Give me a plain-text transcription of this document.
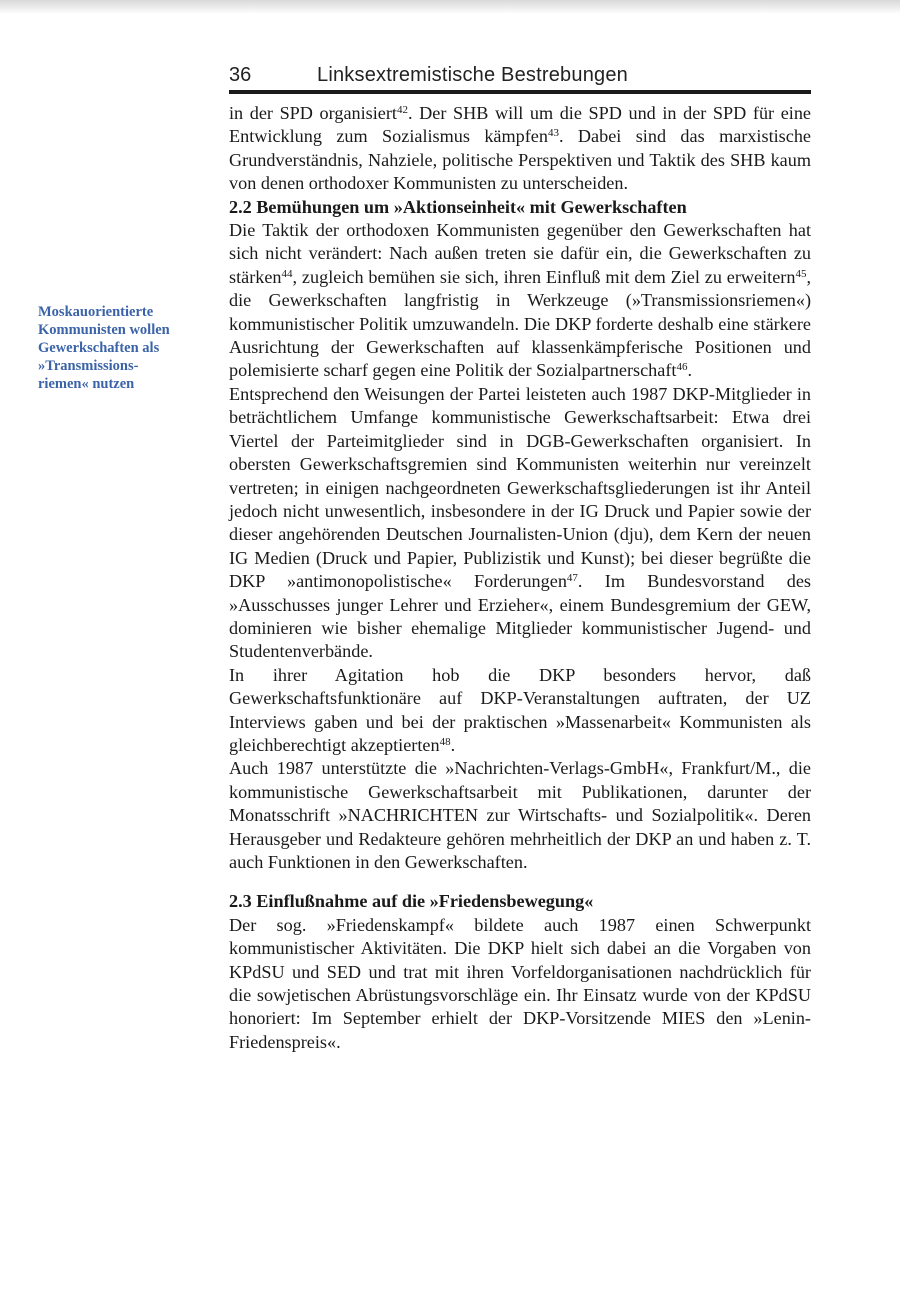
Moskauorientierte
Kommunisten wollen
Gewerkschaften als
»Transmissions-
riemen« nutzen
36	Linksextremistische Bestrebungen

in der SPD organisiert$^{42}$. Der SHB will um die SPD und in der SPD für eine Entwicklung zum Sozialismus kämpfen$^{43}$. Dabei sind das marxistische Grundverständnis, Nahziele, politische Perspektiven und Taktik des SHB kaum von denen orthodoxer Kommunisten zu unterscheiden.

2.2 Bemühungen um »Aktionseinheit« mit Gewerkschaften

Die Taktik der orthodoxen Kommunisten gegenüber den Gewerkschaften hat sich nicht verändert: Nach außen treten sie dafür ein, die Gewerkschaften zu stärken$^{44}$, zugleich bemühen sie sich, ihren Einfluß mit dem Ziel zu erweitern$^{45}$, die Gewerkschaften langfristig in Werkzeuge (»Transmissionsriemen«) kommunistischer Politik umzuwandeln. Die DKP forderte deshalb eine stärkere Ausrichtung der Gewerkschaften auf klassenkämpferische Positionen und polemisierte scharf gegen eine Politik der Sozialpartnerschaft$^{46}$.

Entsprechend den Weisungen der Partei leisteten auch 1987 DKP-Mitglieder in beträchtlichem Umfange kommunistische Gewerkschaftsarbeit: Etwa drei Viertel der Parteimitglieder sind in DGB-Gewerkschaften organisiert. In obersten Gewerkschaftsgremien sind Kommunisten weiterhin nur vereinzelt vertreten; in einigen nachgeordneten Gewerkschaftsgliederungen ist ihr Anteil jedoch nicht unwesentlich, insbesondere in der IG Druck und Papier sowie der dieser angehörenden Deutschen Journalisten-Union (dju), dem Kern der neuen IG Medien (Druck und Papier, Publizistik und Kunst); bei dieser begrüßte die DKP »antimonopolistische« Forderungen$^{47}$. Im Bundesvorstand des »Ausschusses junger Lehrer und Erzieher«, einem Bundesgremium der GEW, dominieren wie bisher ehemalige Mitglieder kommunistischer Jugend- und Studentenverbände.

In ihrer Agitation hob die DKP besonders hervor, daß Gewerkschaftsfunktionäre auf DKP-Veranstaltungen auftraten, der UZ Interviews gaben und bei der praktischen »Massenarbeit« Kommunisten als gleichberechtigt akzeptierten$^{48}$.

Auch 1987 unterstützte die »Nachrichten-Verlags-GmbH«, Frankfurt/M., die kommunistische Gewerkschaftsarbeit mit Publikationen, darunter der Monatsschrift »NACHRICHTEN zur Wirtschafts- und Sozialpolitik«. Deren Herausgeber und Redakteure gehören mehrheitlich der DKP an und haben z. T. auch Funktionen in den Gewerkschaften.

2.3 Einflußnahme auf die »Friedensbewegung«

Der sog. »Friedenskampf« bildete auch 1987 einen Schwerpunkt kommunistischer Aktivitäten. Die DKP hielt sich dabei an die Vorgaben von KPdSU und SED und trat mit ihren Vorfeldorganisationen nachdrücklich für die sowjetischen Abrüstungsvorschläge ein. Ihr Einsatz wurde von der KPdSU honoriert: Im September erhielt der DKP-Vorsitzende MIES den »Lenin-Friedenspreis«.
